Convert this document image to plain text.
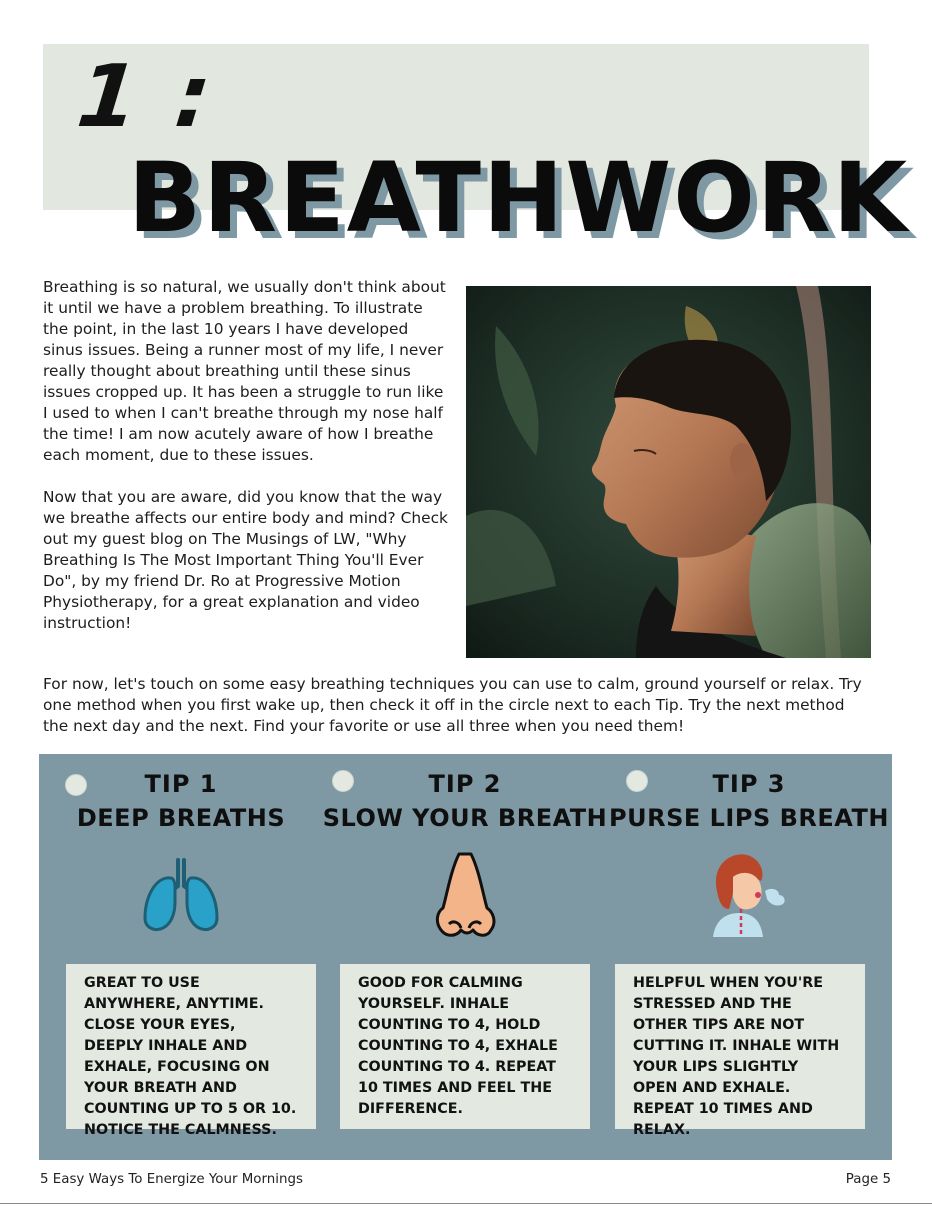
1 :
BREATHWORK

Breathing is so natural, we usually don't think about it until we have a problem breathing. To illustrate the point, in the last 10 years I have developed sinus issues. Being a runner most of my life, I never really thought about breathing until these sinus issues cropped up. It has been a struggle to run like I used to when I can't breathe through my nose half the time! I am now acutely aware of how I breathe each moment, due to these issues.

Now that you are aware, did you know that the way we breathe affects our entire body and mind? Check out my guest blog on The Musings of LW, "Why Breathing Is The Most Important Thing You'll Ever Do", by my friend Dr. Ro at Progressive Motion Physiotherapy, for a great explanation and video instruction!

For now, let's touch on some easy breathing techniques you can use to calm, ground yourself or relax. Try one method when you first wake up, then check it off in the circle next to each Tip. Try the next method the next day and the next. Find your favorite or use all three when you need them!
TIP 1
DEEP BREATHS
GREAT TO USE ANYWHERE, ANYTIME. CLOSE YOUR EYES, DEEPLY INHALE AND EXHALE, FOCUSING ON YOUR BREATH AND COUNTING UP TO 5 OR 10. NOTICE THE CALMNESS.
TIP 2
SLOW YOUR BREATH
GOOD FOR CALMING YOURSELF. INHALE COUNTING TO 4, HOLD COUNTING TO 4, EXHALE COUNTING TO 4. REPEAT 10 TIMES AND FEEL THE DIFFERENCE.
TIP 3
PURSE LIPS BREATH
HELPFUL WHEN YOU'RE STRESSED AND THE OTHER TIPS ARE NOT CUTTING IT. INHALE WITH YOUR LIPS SLIGHTLY OPEN AND EXHALE. REPEAT 10 TIMES AND RELAX.
5 Easy Ways To Energize Your Mornings	Page 5
